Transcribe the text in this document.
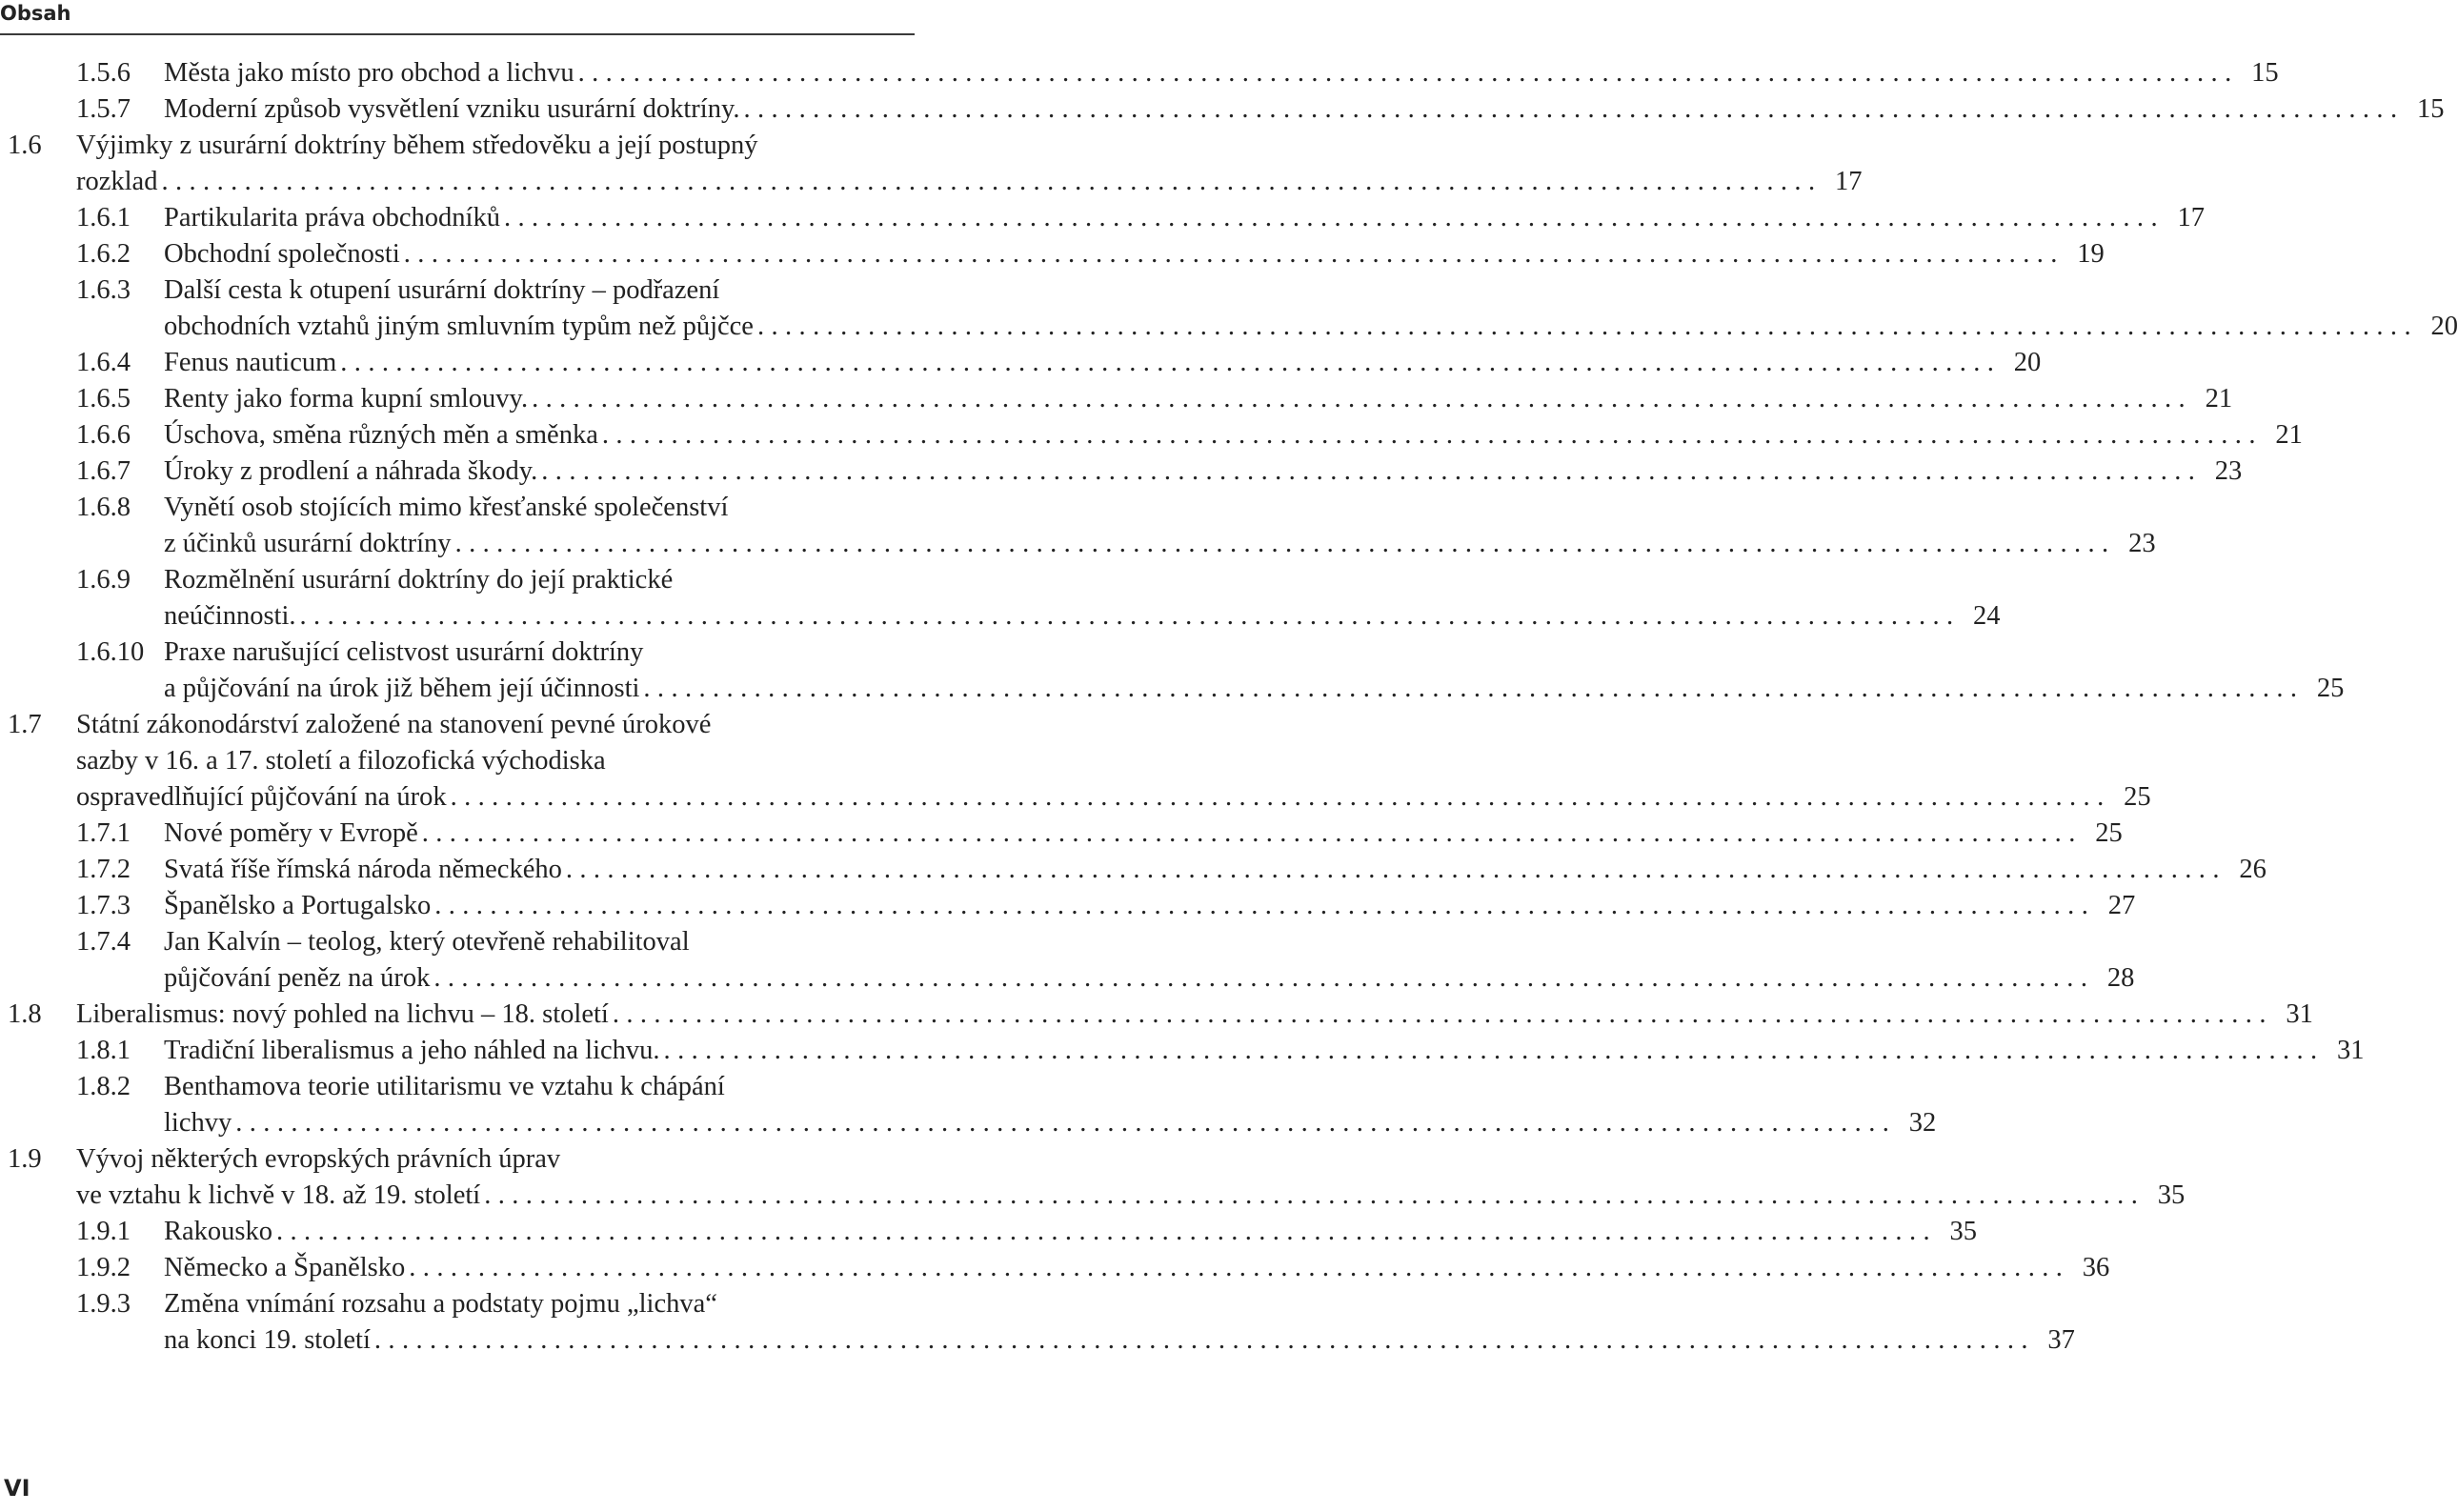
Obsah
1.5.6 Města jako místo pro obchod a lichvu ........................................................................................................................ 15
1.5.7 Moderní způsob vysvětlení vzniku usurární doktríny. ........................................................................................................................ 15
1.6 Výjimky z usurární doktríny během středověku a její postupný
rozklad ........................................................................................................................ 17
1.6.1 Partikularita práva obchodníků ........................................................................................................................ 17
1.6.2 Obchodní společnosti ........................................................................................................................ 19
1.6.3 Další cesta k otupení usurární doktríny – podřazení
obchodních vztahů jiným smluvním typům než půjčce ........................................................................................................................ 20
1.6.4 Fenus nauticum ........................................................................................................................ 20
1.6.5 Renty jako forma kupní smlouvy. ........................................................................................................................ 21
1.6.6 Úschova, směna různých měn a směnka ........................................................................................................................ 21
1.6.7 Úroky z prodlení a náhrada škody. ........................................................................................................................ 23
1.6.8 Vynětí osob stojících mimo křesťanské společenství
z účinků usurární doktríny ........................................................................................................................ 23
1.6.9 Rozmělnění usurární doktríny do její praktické
neúčinnosti. ........................................................................................................................ 24
1.6.10 Praxe narušující celistvost usurární doktríny
a půjčování na úrok již během její účinnosti ........................................................................................................................ 25
1.7 Státní zákonodárství založené na stanovení pevné úrokové
sazby v 16. a 17. století a filozofická východiska
ospravedlňující půjčování na úrok ........................................................................................................................ 25
1.7.1 Nové poměry v Evropě ........................................................................................................................ 25
1.7.2 Svatá říše římská národa německého ........................................................................................................................ 26
1.7.3 Španělsko a Portugalsko ........................................................................................................................ 27
1.7.4 Jan Kalvín – teolog, který otevřeně rehabilitoval
půjčování peněz na úrok ........................................................................................................................ 28
1.8 Liberalismus: nový pohled na lichvu – 18. století ........................................................................................................................ 31
1.8.1 Tradiční liberalismus a jeho náhled na lichvu. ........................................................................................................................ 31
1.8.2 Benthamova teorie utilitarismu ve vztahu k chápání
lichvy ........................................................................................................................ 32
1.9 Vývoj některých evropských právních úprav
ve vztahu k lichvě v 18. až 19. století ........................................................................................................................ 35
1.9.1 Rakousko ........................................................................................................................ 35
1.9.2 Německo a Španělsko ........................................................................................................................ 36
1.9.3 Změna vnímání rozsahu a podstaty pojmu „lichva“
na konci 19. století ........................................................................................................................ 37
VI
